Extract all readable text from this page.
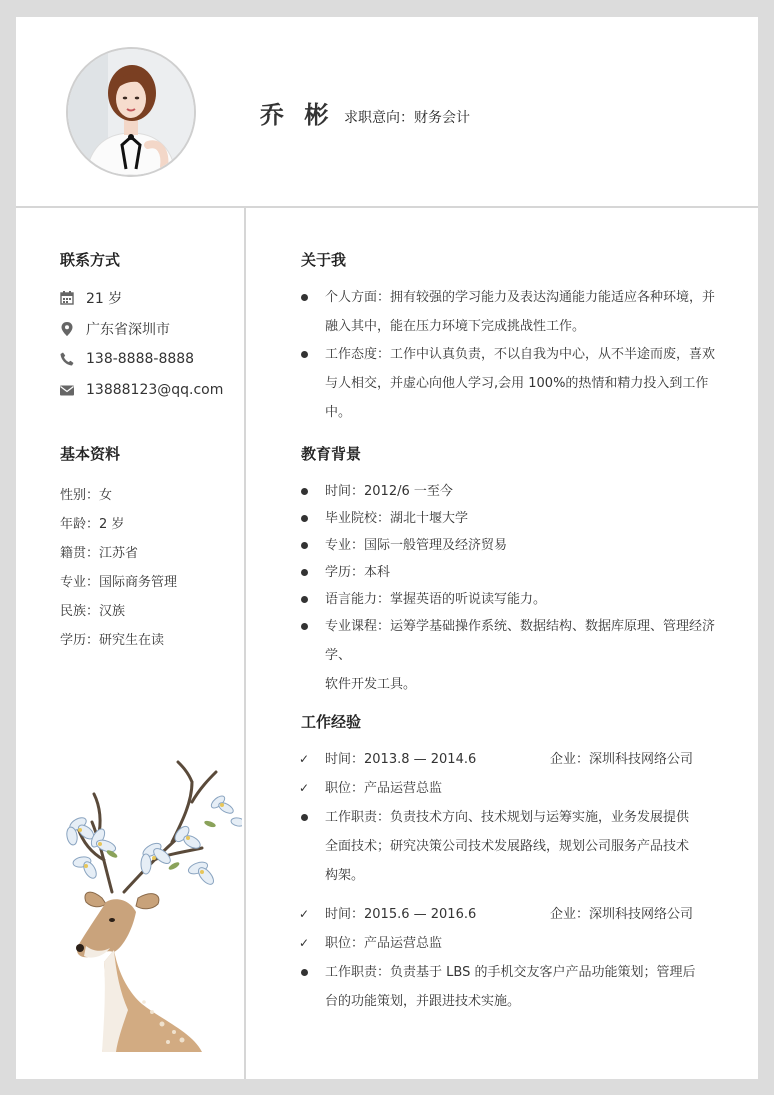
乔 彬 求职意向：财务会计
联系方式
21 岁
广东省深圳市
138-8888-8888
13888123@qq.com
基本资料
性别：女
年龄：2 岁
籍贯：江苏省
专业：国际商务管理
民族：汉族
学历：研究生在读
关于我
个人方面：拥有较强的学习能力及表达沟通能力能适应各种环境，并
融入其中，能在压力环境下完成挑战性工作。
工作态度：工作中认真负责，不以自我为中心，从不半途而废，喜欢
与人相交，并虚心向他人学习,会用 100%的热情和精力投入到工作中。
教育背景
时间：2012/6 一至今
毕业院校：湖北十堰大学
专业：国际一般管理及经济贸易
学历：本科
语言能力：掌握英语的听说读写能力。
专业课程：运筹学基础操作系统、数据结构、数据库原理、管理经济学、
软件开发工具。
工作经验
✓ 时间：2013.8 — 2014.6	企业：深圳科技网络公司
✓ 职位：产品运营总监
工作职责：负责技术方向、技术规划与运筹实施，业务发展提供
全面技术；研究决策公司技术发展路线，规划公司服务产品技术
构架。
✓ 时间：2015.6 — 2016.6	企业：深圳科技网络公司
✓ 职位：产品运营总监
工作职责：负责基于 LBS 的手机交友客户产品功能策划；管理后
台的功能策划，并跟进技术实施。
